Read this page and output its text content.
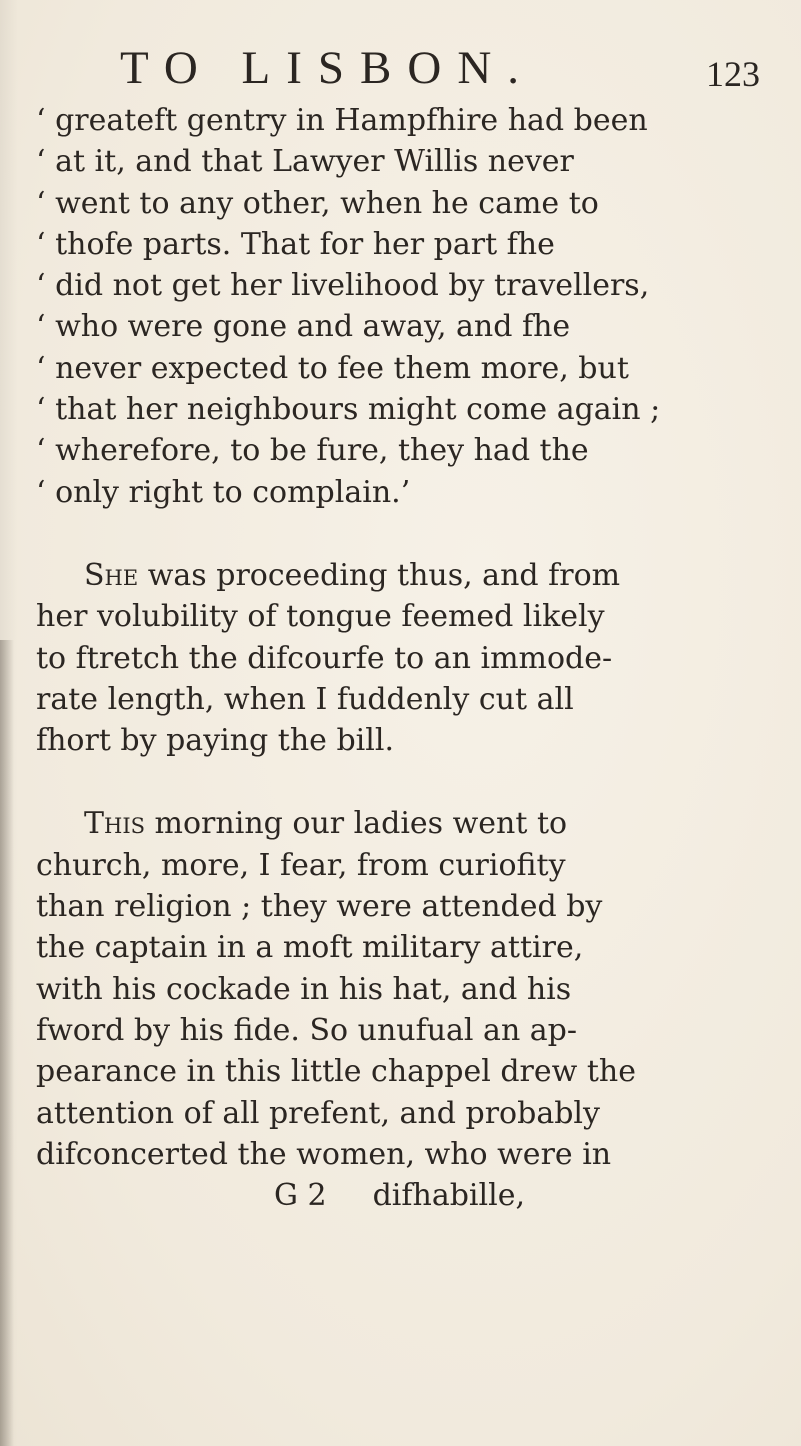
TO LISBON.	123

‘ greateft gentry in Hampfhire had been
‘ at it, and that Lawyer Willis never
‘ went to any other, when he came to
‘ thofe parts. That for her part fhe
‘ did not get her livelihood by travellers,
‘ who were gone and away, and fhe
‘ never expected to fee them more, but
‘ that her neighbours might come again ;
‘ wherefore, to be fure, they had the
‘ only right to complain.’

She was proceeding thus, and from
her volubility of tongue feemed likely
to ftretch the difcourfe to an immode-
rate length, when I fuddenly cut all
fhort by paying the bill.

This morning our ladies went to
church, more, I fear, from curiofity
than religion ; they were attended by
the captain in a moft military attire,
with his cockade in his hat, and his
fword by his fide. So unufual an ap-
pearance in this little chappel drew the
attention of all prefent, and probably
difconcerted the women, who were in
G 2 difhabille,
